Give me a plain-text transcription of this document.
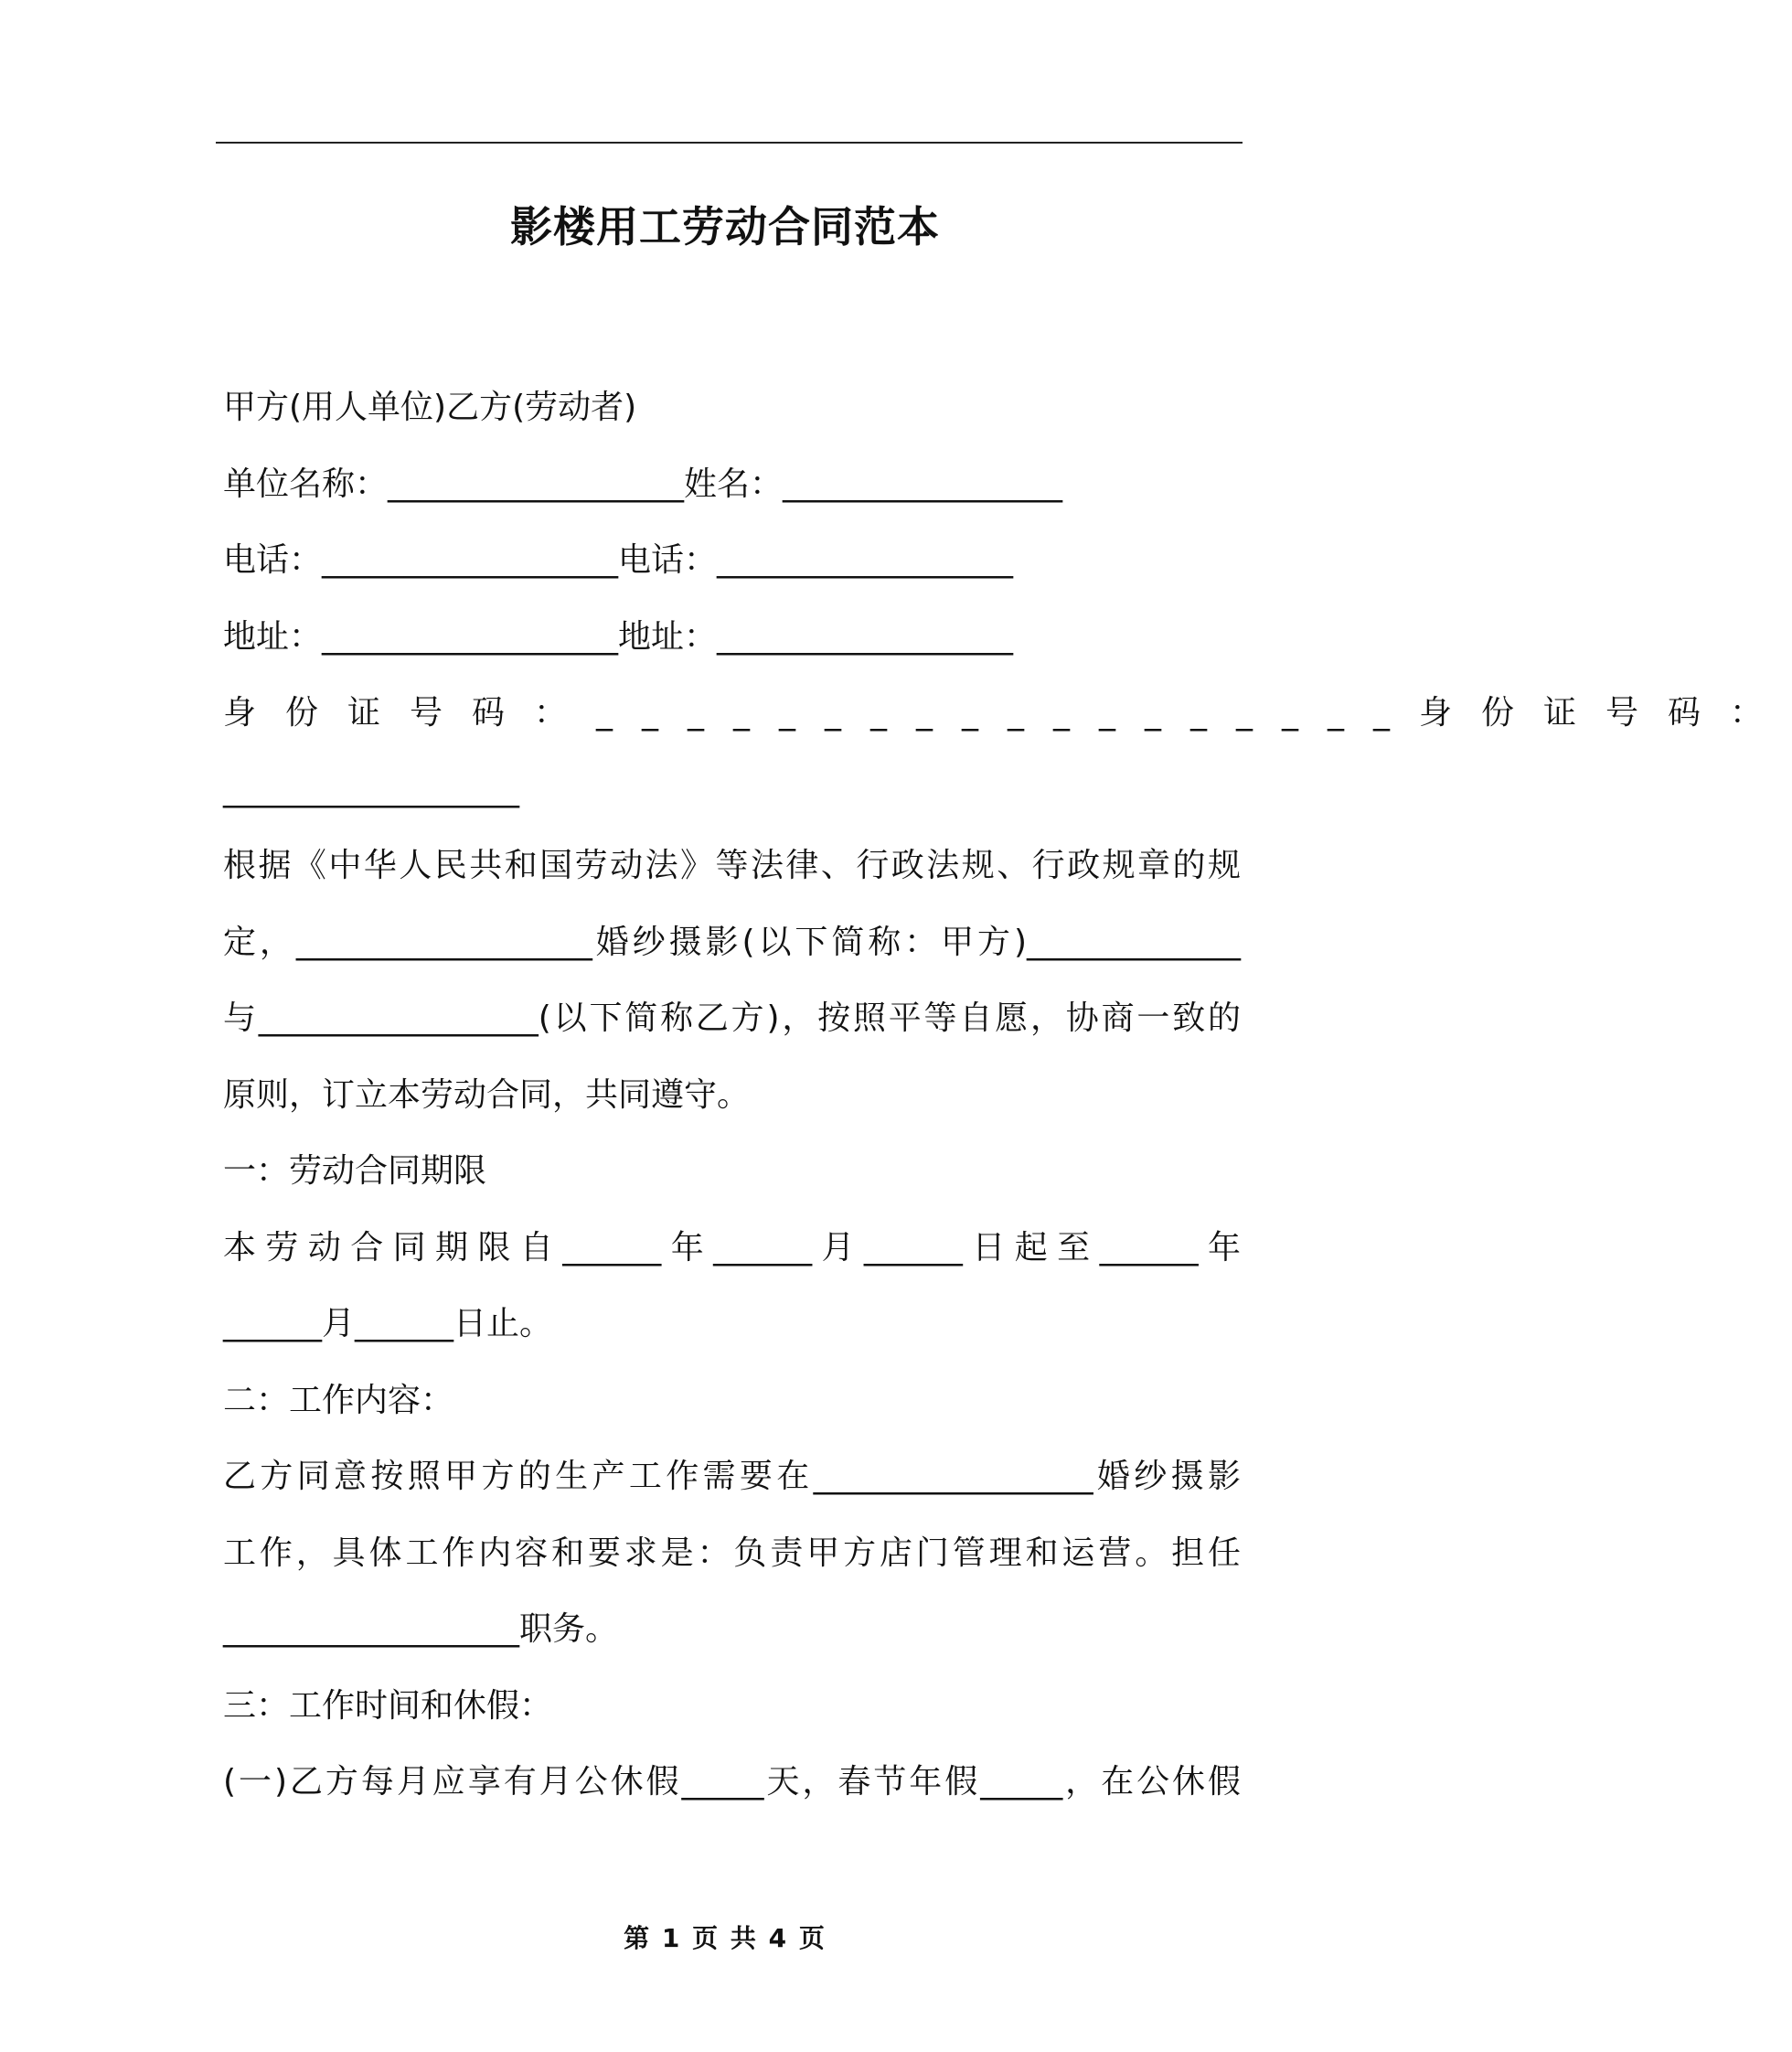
影楼用工劳动合同范本
甲方(用人单位)乙方(劳动者)
单位名称：__________________姓名：_________________
电话：__________________电话：__________________
地址：__________________地址：__________________
身份证号码：__________________身份证号码：
__________________
根据《中华人民共和国劳动法》等法律、行政法规、行政规章的规
定，__________________婚纱摄影(以下简称：甲方)_____________
与_________________(以下简称乙方)，按照平等自愿，协商一致的
原则，订立本劳动合同，共同遵守。
一：劳动合同期限
本劳动合同期限自______年______月______日起至______年
______月______日止。
二：工作内容：
乙方同意按照甲方的生产工作需要在_________________婚纱摄影
工作，具体工作内容和要求是：负责甲方店门管理和运营。担任
__________________职务。
三：工作时间和休假：
(一)乙方每月应享有月公休假_____天，春节年假_____，在公休假
第 1 页 共 4 页
